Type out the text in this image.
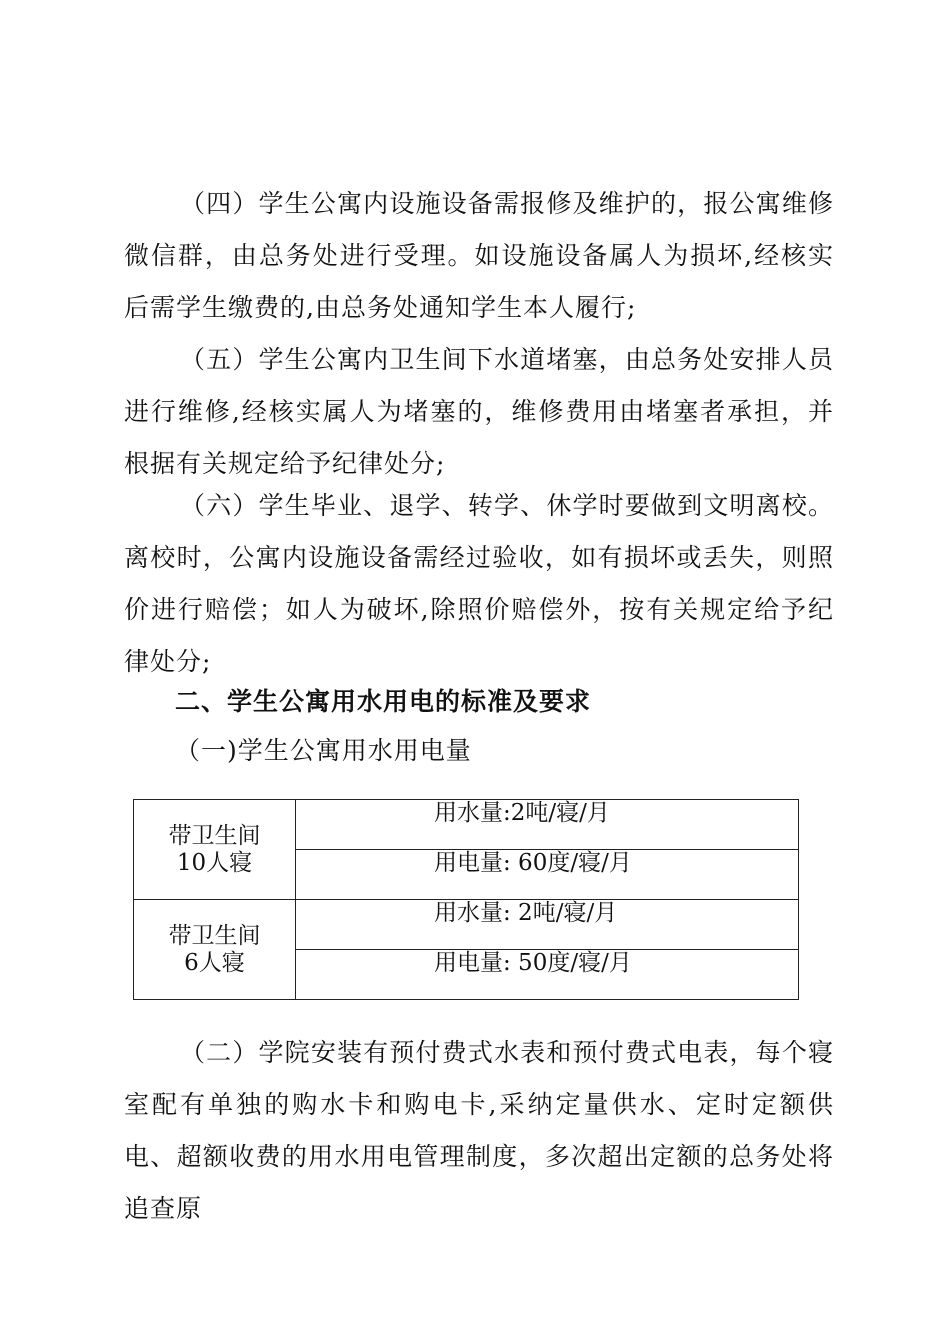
（四）学生公寓内设施设备需报修及维护的，报公寓维修微信群，由总务处进行受理。如设施设备属人为损坏,经核实后需学生缴费的,由总务处通知学生本人履行;

（五）学生公寓内卫生间下水道堵塞，由总务处安排人员进行维修,经核实属人为堵塞的，维修费用由堵塞者承担，并根据有关规定给予纪律处分;

（六）学生毕业、退学、转学、休学时要做到文明离校。离校时，公寓内设施设备需经过验收，如有损坏或丢失，则照价进行赔偿；如人为破坏,除照价赔偿外，按有关规定给予纪律处分;

二、学生公寓用水用电的标准及要求

（一)学生公寓用水用电量

带卫生间
10人寝	用水量:2吨/寝/月
	用电量: 60度/寝/月

带卫生间
6人寝	用水量: 2吨/寝/月
	用电量: 50度/寝/月

（二）学院安装有预付费式水表和预付费式电表，每个寝室配有单独的购水卡和购电卡,采纳定量供水、定时定额供电、超额收费的用水用电管理制度，多次超出定额的总务处将追查原
